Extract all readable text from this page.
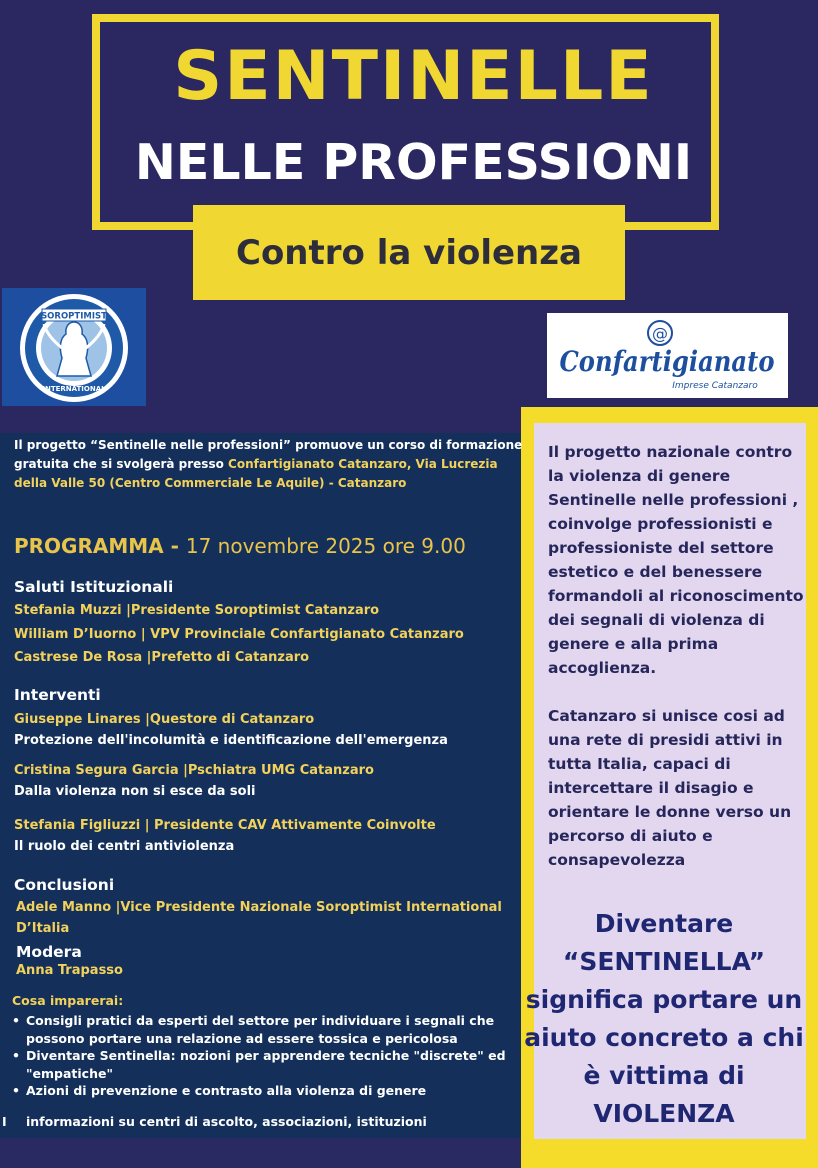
SENTINELLE
NELLE PROFESSIONI
Contro la violenza
SOROPTIMIST
INTERNATIONAL
@
Confartigianato
Imprese Catanzaro

Il progetto nazionale contro la violenza di genere Sentinelle nelle professioni , coinvolge professionisti e professioniste del settore estetico e del benessere formandoli al riconoscimento dei segnali di violenza di genere e alla prima accoglienza.

Catanzaro si unisce cosi ad una rete di presidi attivi in tutta Italia, capaci di intercettare il disagio e orientare le donne verso un percorso di aiuto e consapevolezza

Diventare “SENTINELLA” significa portare un aiuto concreto a chi è vittima di VIOLENZA
Il progetto “Sentinelle nelle professioni” promuove un corso di formazione gratuita che si svolgerà presso Confartigianato Catanzaro, Via Lucrezia della Valle 50 (Centro Commerciale Le Aquile) - Catanzaro
PROGRAMMA - 17 novembre 2025 ore 9.00
Saluti Istituzionali
Stefania Muzzi |Presidente Soroptimist Catanzaro
William D’Iuorno | VPV Provinciale Confartigianato Catanzaro
Castrese De Rosa |Prefetto di Catanzaro
Interventi
Giuseppe Linares |Questore di Catanzaro
Protezione dell'incolumità e identificazione dell'emergenza
Cristina Segura Garcia |Pschiatra UMG Catanzaro
Dalla violenza non si esce da soli
Stefania Figliuzzi | Presidente CAV Attivamente Coinvolte
Il ruolo dei centri antiviolenza
Conclusioni
Adele Manno |Vice Presidente Nazionale Soroptimist International
D’Italia
Modera
Anna Trapasso
Cosa imparerai:
• Consigli pratici da esperti del settore per individuare i segnali che possono portare una relazione ad essere tossica e pericolosa
• Diventare Sentinella: nozioni per apprendere tecniche "discrete" ed "empatiche"
• Azioni di prevenzione e contrasto alla violenza di genere
I informazioni su centri di ascolto, associazioni, istituzioni
